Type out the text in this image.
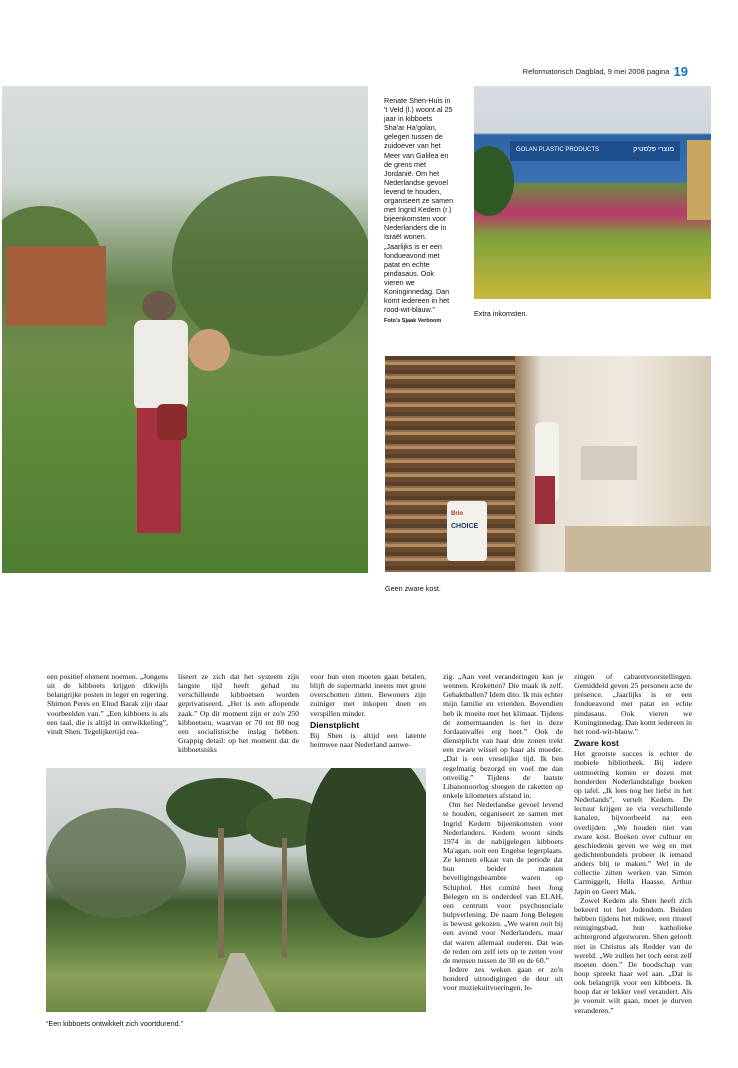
Reformatorisch Dagblad, 9 mei 2008 pagina 19
Renate Shen-Huis in 't Veld (l.) woont al 25 jaar in kibboets Sha'ar Ha'golan, gelegen tussen de zuidoever van het Meer van Galilea en de grens met Jordanië. Om het Nederlandse gevoel levend te houden, organiseert ze samen met Ingrid Kedem (r.) bijeenkomsten voor Nederlanders die in Israël wonen. „Jaarlijks is er een fondueavond met patat en echte pindasaus. Ook vieren we Koninginnedag. Dan komt iedereen in het rood-wit-blauw.”
Foto's Sjaak Verboom
GOLAN PLASTIC PRODUCTS	מוצרי פלסטיק
Extra inkomsten.
Brio
CHOICE
Geen zware kost.

een positief element noemen. „Jongens uit de kibboets krijgen dikwijls belangrijke posten in leger en regering. Shimon Peres en Ehud Barak zijn daar voorbeelden van.” „Een kibboets is als een taal, die is altijd in ontwikkeling”, vindt Shen. Tegelijkertijd rea-

liseert ze zich dat het systeem zijn langste tijd heeft gehad nu verschillende kibboetsen worden geprivatiseerd. „Het is een aflopende zaak.” Op dit moment zijn er zo'n 250 kibboetsen, waarvan er 70 tot 80 nog een socialistische inslag hebben. Grappig detail: op het moment dat de kibboetsniks

voor hun eten moeten gaan betalen, blijft de supermarkt ineens met grote overschotten zitten. Bewoners zijn zuiniger met inkopen doen en verspillen minder.

Dienstplicht

Bij Shen is altijd een latente heimwee naar Nederland aanwe-

zig. „Aan veel veranderingen kun je wennen. Kroketten? Die maak ik zelf. Gehaktballen? Idem dito. Ik mis echter mijn familie en vrienden. Bovendien heb ik moeite met het klimaat. Tijdens de zomermaanden is het in deze Jordaanvallei erg heet.” Ook de dienstplicht van haar drie zonen trekt een zware wissel op haar als moeder. „Dat is een vreselijke tijd. Ik ben regelmatig bezorgd en voel me dan onveilig.” Tijdens de laatste Libanonoorlog sloegen de raketten op enkele kilometers afstand in.

Om het Nederlandse gevoel levend te houden, organiseert ze samen met Ingrid Kedem bijeenkomsten voor Nederlanders. Kedem woont sinds 1974 in de nabijgelegen kibboets Ma'agan, ooit een Engelse legerplaats. Ze kennen elkaar van de periode dat hun beider mannen beveiligingsbeambte waren op Schiphol. Het comité heet Jong Belegen en is onderdeel van ELAH, een centrum voor psychosociale hulpverlening. De naam Jong Belegen is bewust gekozen. „We waren ooit bij een avond voor Nederlanders, maar dat waren allemaal ouderen. Dat was de reden om zelf iets op te zetten voor de mensen tussen de 30 en de 60.”

Iedere zes weken gaan er zo'n honderd uitnodigingen de deur uit voor muziekuitvoeringen, le-

zingen of cabaretvoorstellingen. Gemiddeld geven 25 personen acte de présence. „Jaarlijks is er een fondueavond met patat en echte pindasaus. Ook vieren we Koninginnedag. Dan komt iedereen in het rood-wit-blauw.”

Zware kost

Het grootste succes is echter de mobiele bibliotheek. Bij iedere ontmoeting komen er dozen met honderden Nederlandstalige boeken op tafel. „Ik lees nog het liefst in het Nederlands”, vertelt Kedem. De lectuur krijgen ze via verschillende kanalen, bijvoorbeeld na een overlijden. „We houden niet van zware kost. Boeken over cultuur en geschiedenis geven we weg en met gedichtenbundels probeer ik iemand anders blij te maken.” Wel in de collectie zitten werken van Simon Carmiggelt, Hella Haasse, Arthur Japin en Geert Mak.

Zowel Kedem als Shen heeft zich bekeerd tot het Jodendom. Beiden hebben tijdens het mikwe, een ritueel reinigingsbad, hun katholieke achtergrond afgezworen. Shen gelooft niet in Christus als Redder van de wereld. „We zullen het toch eerst zelf moeten doen.” De boodschap van hoop spreekt haar wel aan. „Dat is ook belangrijk voor een kibboets. Ik hoop dat er lekker veel verandert. Als je vooruit wilt gaan, moet je durven veranderen.”

“Een kibboets ontwikkelt zich voortdurend.”
